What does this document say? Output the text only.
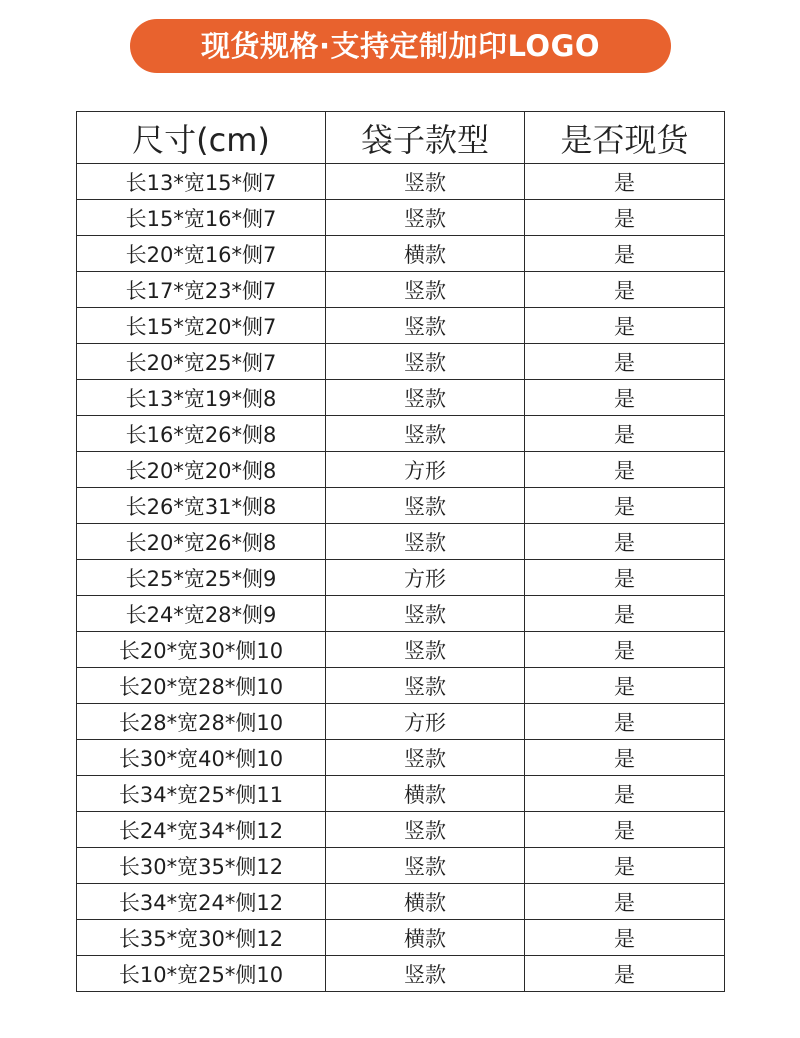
现货规格·支持定制加印LOGO
尺寸(cm)	袋子款型	是否现货
长13*宽15*侧7	竖款	是
长15*宽16*侧7	竖款	是
长20*宽16*侧7	横款	是
长17*宽23*侧7	竖款	是
长15*宽20*侧7	竖款	是
长20*宽25*侧7	竖款	是
长13*宽19*侧8	竖款	是
长16*宽26*侧8	竖款	是
长20*宽20*侧8	方形	是
长26*宽31*侧8	竖款	是
长20*宽26*侧8	竖款	是
长25*宽25*侧9	方形	是
长24*宽28*侧9	竖款	是
长20*宽30*侧10	竖款	是
长20*宽28*侧10	竖款	是
长28*宽28*侧10	方形	是
长30*宽40*侧10	竖款	是
长34*宽25*侧11	横款	是
长24*宽34*侧12	竖款	是
长30*宽35*侧12	竖款	是
长34*宽24*侧12	横款	是
长35*宽30*侧12	横款	是
长10*宽25*侧10	竖款	是
